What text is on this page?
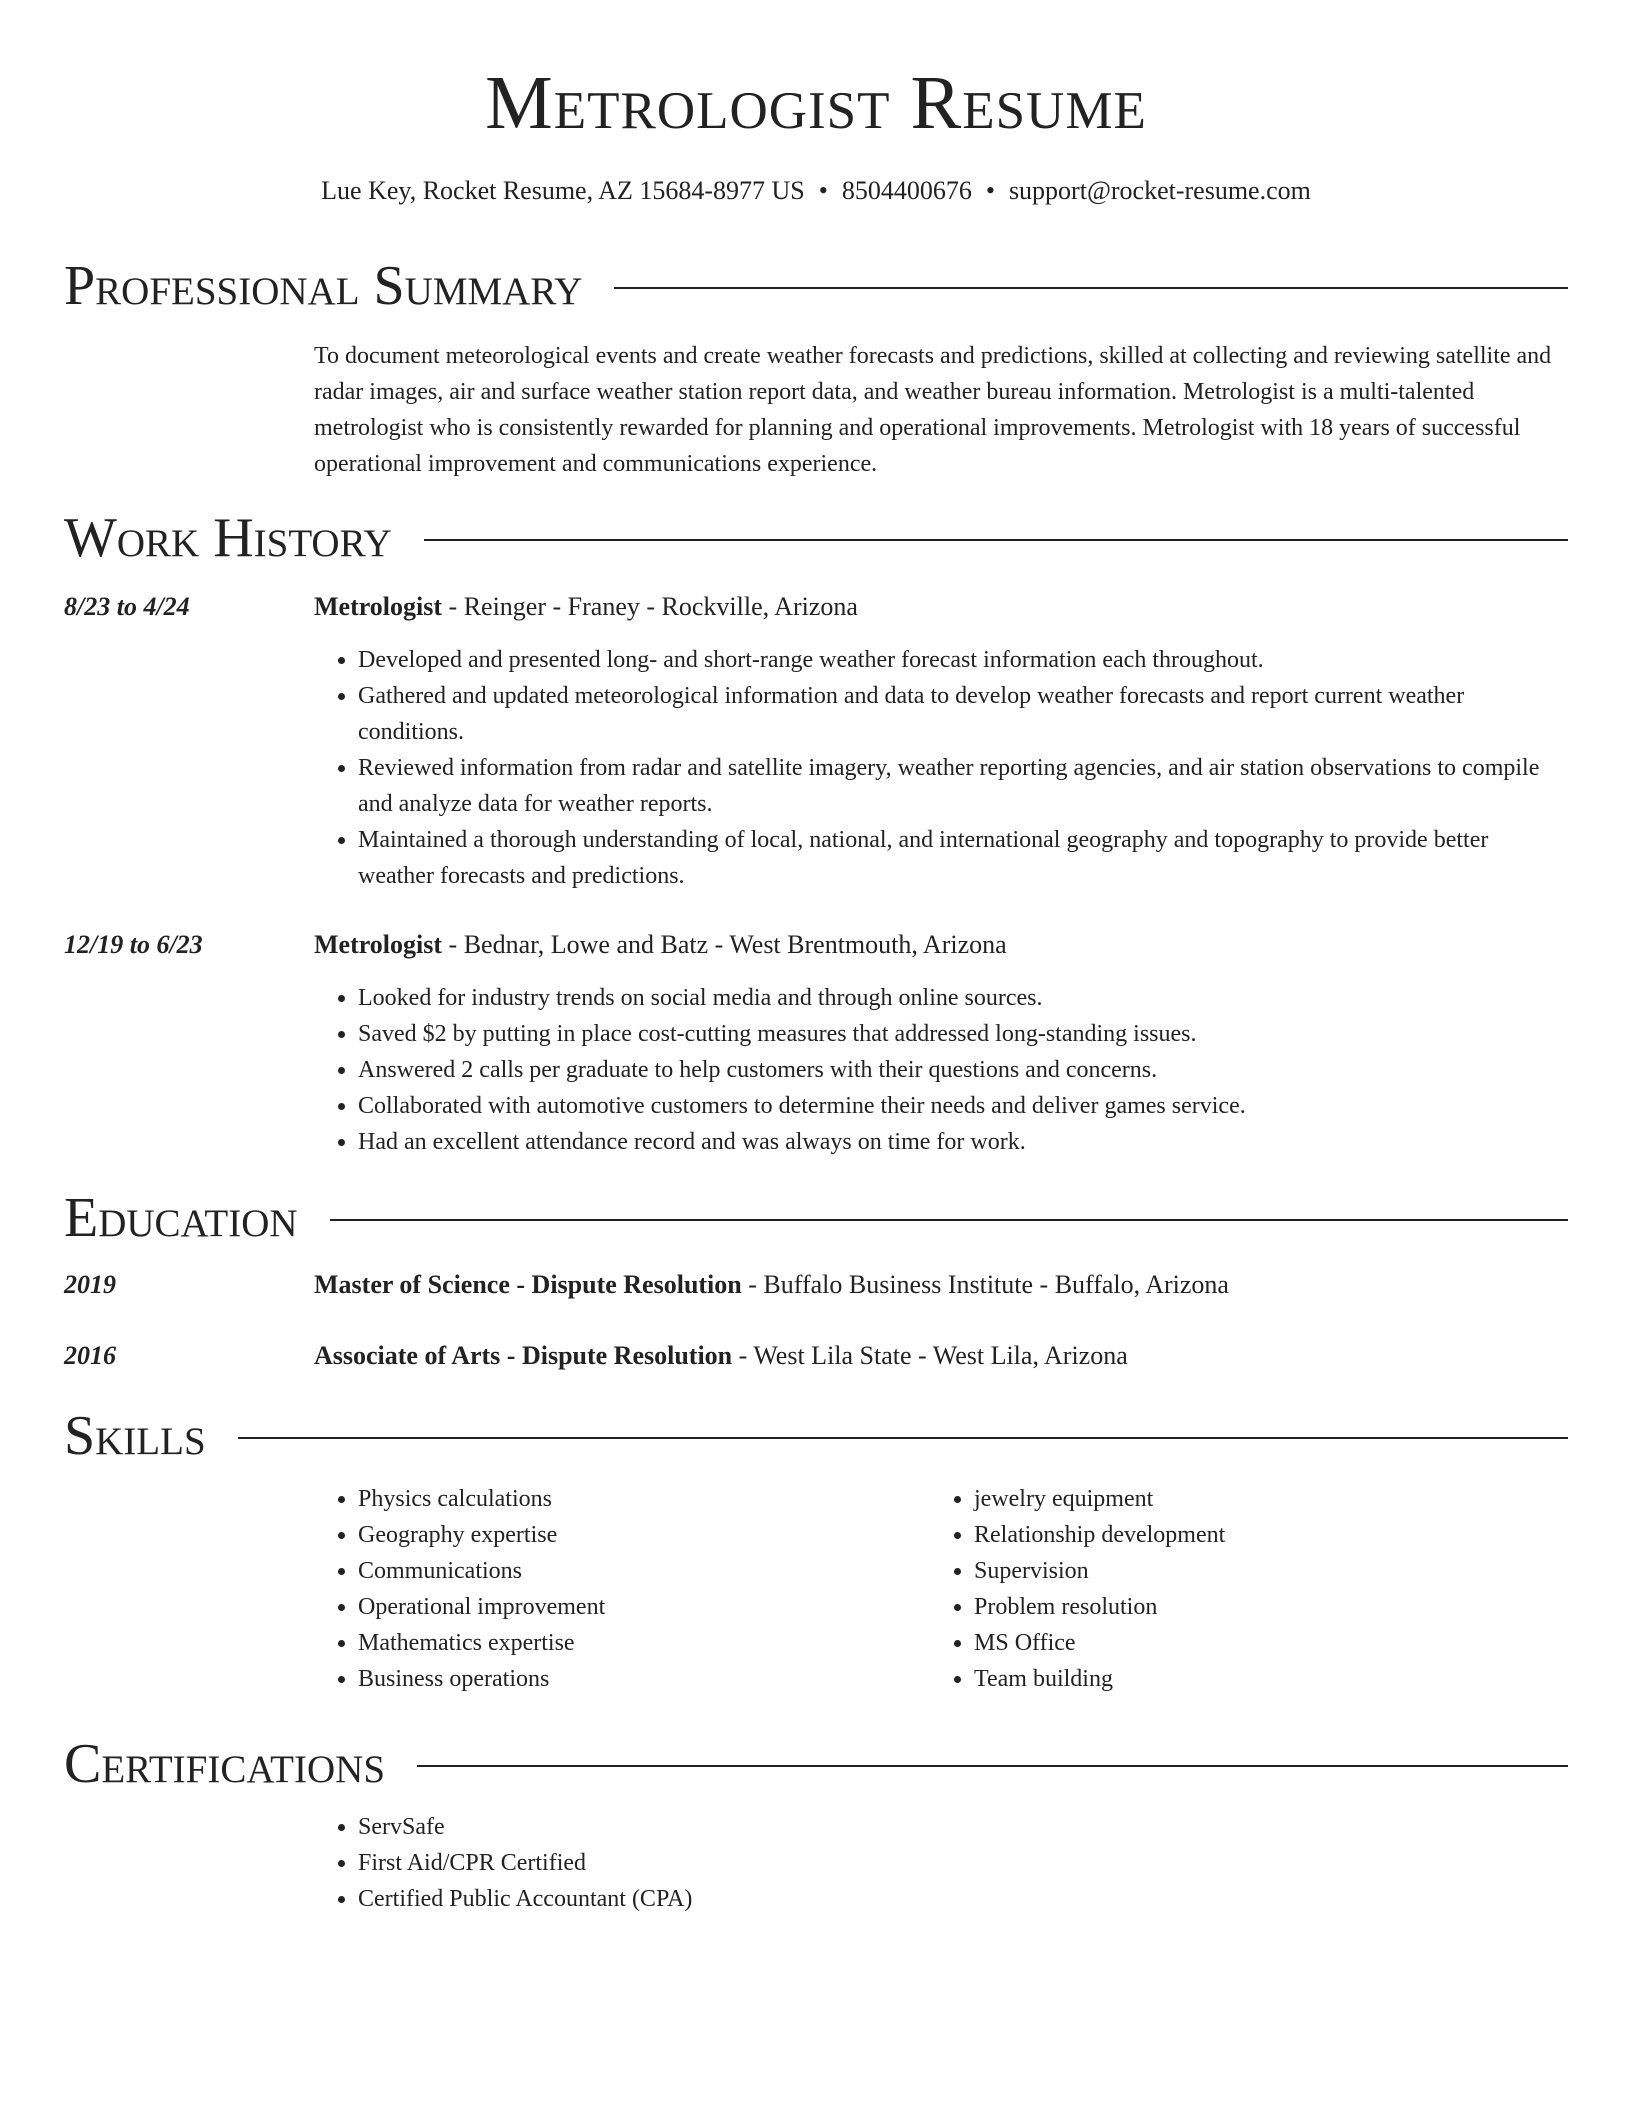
Metrologist Resume
Lue Key, Rocket Resume, AZ 15684-8977 US • 8504400676 • support@rocket-resume.com
Professional Summary
To document meteorological events and create weather forecasts and predictions, skilled at collecting and reviewing satellite and radar images, air and surface weather station report data, and weather bureau information. Metrologist is a multi-talented metrologist who is consistently rewarded for planning and operational improvements. Metrologist with 18 years of successful operational improvement and communications experience.
Work History
8/23 to 4/24	Metrologist - Reinger - Franey - Rockville, Arizona
• Developed and presented long- and short-range weather forecast information each throughout.
• Gathered and updated meteorological information and data to develop weather forecasts and report current weather conditions.
• Reviewed information from radar and satellite imagery, weather reporting agencies, and air station observations to compile and analyze data for weather reports.
• Maintained a thorough understanding of local, national, and international geography and topography to provide better weather forecasts and predictions.
12/19 to 6/23	Metrologist - Bednar, Lowe and Batz - West Brentmouth, Arizona
• Looked for industry trends on social media and through online sources.
• Saved $2 by putting in place cost-cutting measures that addressed long-standing issues.
• Answered 2 calls per graduate to help customers with their questions and concerns.
• Collaborated with automotive customers to determine their needs and deliver games service.
• Had an excellent attendance record and was always on time for work.
Education
2019	Master of Science - Dispute Resolution - Buffalo Business Institute - Buffalo, Arizona
2016	Associate of Arts - Dispute Resolution - West Lila State - West Lila, Arizona
Skills
• Physics calculations
• Geography expertise
• Communications
• Operational improvement
• Mathematics expertise
• Business operations
• jewelry equipment
• Relationship development
• Supervision
• Problem resolution
• MS Office
• Team building
Certifications
• ServSafe
• First Aid/CPR Certified
• Certified Public Accountant (CPA)
